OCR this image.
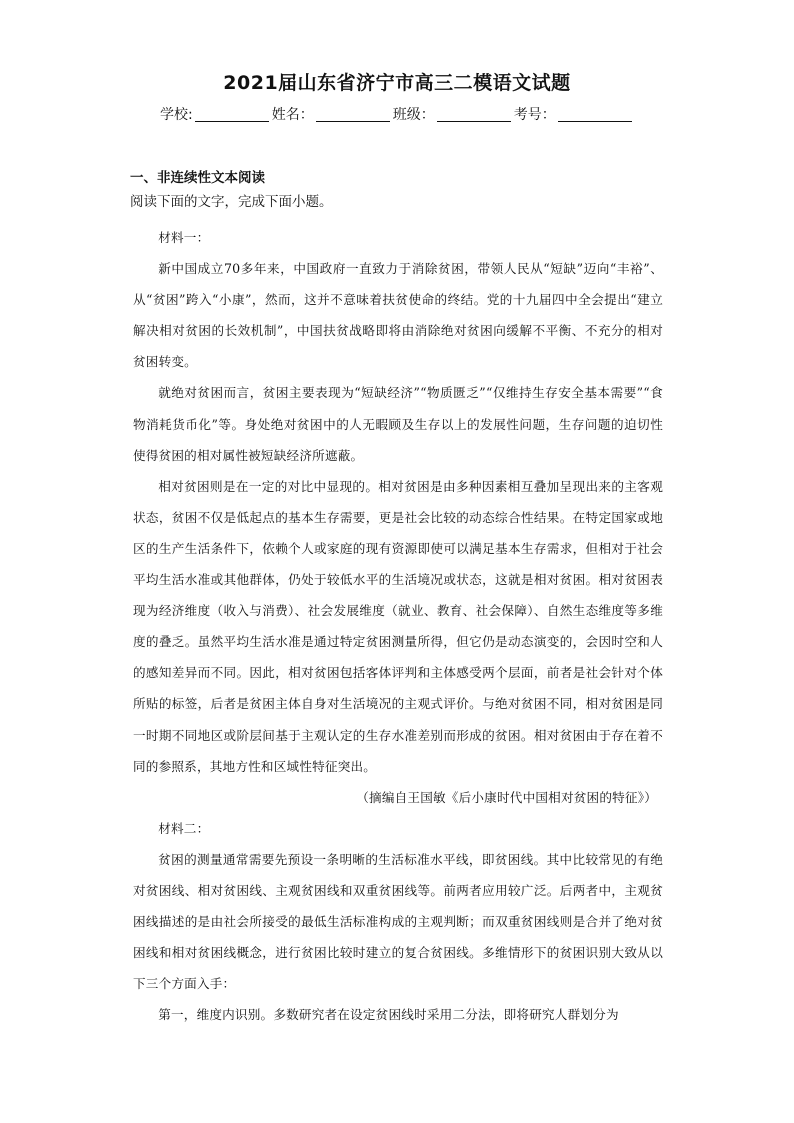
2021届山东省济宁市高三二模语文试题
学校:	姓名：	班级：	考号：
一、非连续性文本阅读
阅读下面的文字，完成下面小题。

材料一：

新中国成立70多年来，中国政府一直致力于消除贫困，带领人民从“短缺”迈向“丰裕”、从“贫困”跨入“小康”，然而，这并不意味着扶贫使命的终结。党的十九届四中全会提出“建立解决相对贫困的长效机制”，中国扶贫战略即将由消除绝对贫困向缓解不平衡、不充分的相对贫困转变。

就绝对贫困而言，贫困主要表现为“短缺经济”“物质匮乏”“仅维持生存安全基本需要”“食物消耗货币化”等。身处绝对贫困中的人无暇顾及生存以上的发展性问题，生存问题的迫切性使得贫困的相对属性被短缺经济所遮蔽。

相对贫困则是在一定的对比中显现的。相对贫困是由多种因素相互叠加呈现出来的主客观状态，贫困不仅是低起点的基本生存需要，更是社会比较的动态综合性结果。在特定国家或地区的生产生活条件下，依赖个人或家庭的现有资源即使可以满足基本生存需求，但相对于社会平均生活水准或其他群体，仍处于较低水平的生活境况或状态，这就是相对贫困。相对贫困表现为经济维度（收入与消费）、社会发展维度（就业、教育、社会保障）、自然生态维度等多维度的叠乏。虽然平均生活水准是通过特定贫困测量所得，但它仍是动态演变的，会因时空和人的感知差异而不同。因此，相对贫困包括客体评判和主体感受两个层面，前者是社会针对个体所贴的标签，后者是贫困主体自身对生活境况的主观式评价。与绝对贫困不同，相对贫困是同一时期不同地区或阶层间基于主观认定的生存水准差别而形成的贫困。相对贫困由于存在着不同的参照系，其地方性和区域性特征突出。

（摘编自王国敏《后小康时代中国相对贫困的特征》）

材料二：

贫困的测量通常需要先预设一条明晰的生活标准水平线，即贫困线。其中比较常见的有绝对贫困线、相对贫困线、主观贫困线和双重贫困线等。前两者应用较广泛。后两者中，主观贫困线描述的是由社会所接受的最低生活标准构成的主观判断；而双重贫困线则是合并了绝对贫困线和相对贫困线概念，进行贫困比较时建立的复合贫困线。多维情形下的贫困识别大致从以下三个方面入手：

第一，维度内识别。多数研究者在设定贫困线时采用二分法，即将研究人群划分为
